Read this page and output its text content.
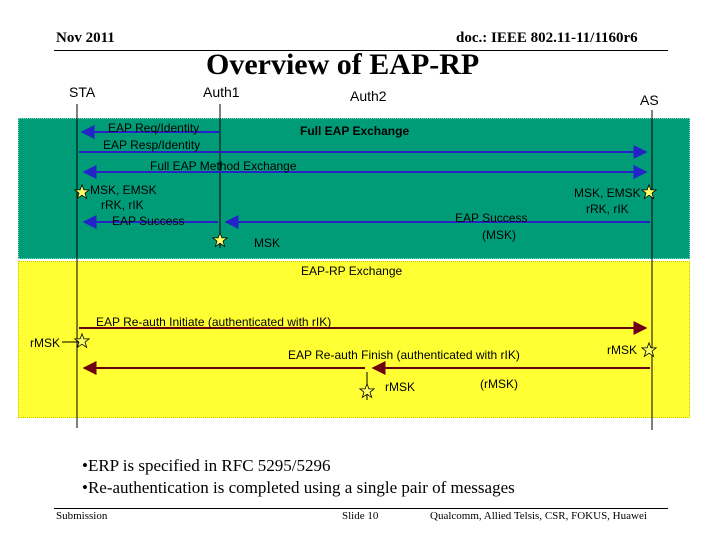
Nov 2011	doc.: IEEE 802.11-11/1160r6
Overview of EAP-RP
STA	Auth1	Auth2	AS
EAP Req/Identity
EAP Resp/Identity
Full EAP Exchange
Full EAP Method Exchange
MSK, EMSK
rRK, rIK
EAP Success	EAP Success
(MSK)
MSK, EMSK
rRK, rIK
MSK
EAP-RP Exchange
EAP Re-auth Initiate (authenticated with rIK)
rMSK
EAP Re-auth Finish (authenticated with rIK)	rMSK
rMSK	(rMSK)
•ERP is specified in RFC 5295/5296
•Re-authentication is completed using a single pair of messages
Submission	Slide 10	Qualcomm, Allied Telsis, CSR, FOKUS, Huawei
